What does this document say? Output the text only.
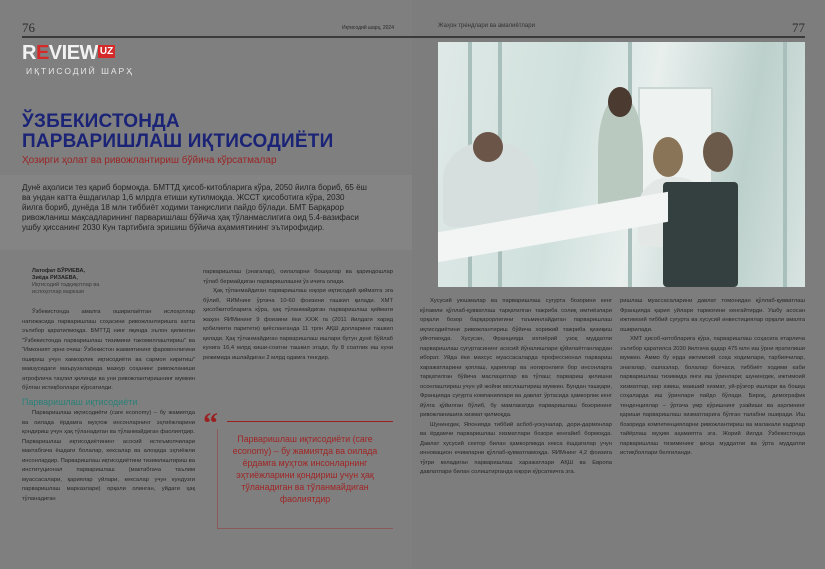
76	Иқтисодий шарҳ, 2024
REVIEW UZ
ИҚТИСОДИЙ ШАРҲ
ЎЗБЕКИСТОНДА
ПАРВАРИШЛАШ ИҚТИСОДИЁТИ
Ҳозирги ҳолат ва ривожлантириш бўйича кўрсатмалар

Дунё аҳолиси тез қариб бормоқда. БМТТД ҳисоб-китобларига кўра, 2050 йилга бориб, 65 ёш ва ундан катта ёшдагилар 1,6 млрдга етиши кутилмоқда. ЖССТ ҳисоботига кўра, 2030 йилга бориб, дунёда 18 млн тиббиёт ходими танқислиги пайдо бўлади. БМТ Барқарор ривожланиш мақсадларининг парваришлаш бўйича ҳақ тўланмаслигига оид 5.4-вазифаси ушбу ҳиссанинг 2030 Кун тартибига эришиш бўйича аҳамиятининг эътирофидир.

Латофат БЎРИЕВА,
Зиёда РИЗАЕВА,
Иқтисодий тадқиқотлар ва ислоҳотлар маркази

Ўзбекистонда амалга оширилаётган ислоҳотлар натижасида парваришлаш соҳасини ривожлантиришга катта эътибор қаратилмоқда. БМТТД нинг яқинда эълон қилинган "Ўзбекистонда парваришлаш тизимини такомиллаштириш" ва "Имконият эрни очиш: Ўзбекистон жамиятининг фаровонлигини ошириш учун хамкорлик иқтисодиёти ва сармоя киритиш" мавзусидаги маърузаларида мазкур соҳанинг ривожланиши атрофлича таҳлил қилинди ва уни ривожлантиришнинг мумкин бўлган истиқболлари кўрсатилди.

Парваришлаш иқтисодиёти

Парваришлаш иқтисодиёти (care economy) – бу жамиятда ва оилада ёрдамга муҳтож инсонларнинг эҳтиёжларини қондириш учун ҳақ тўланадиган ва тўланмайдиган фаолиятдир. Парваришлаш иқтисодиётининг асосий истеъмолчилари мактабгача ёшдаги болалар, кексалар ва алоҳида эҳтиёжли инсонлардир. Парваришлаш иқтисодиётини тизимлаштириш ва институционал парваришлаш (мактабгача таълим муассасалари, қариялар уйлари, кексалар учун кундузги парваришлаш марказлари) орқали олинган, уйдаги ҳақ тўланадиган

парваришлаш (энагалар), оилаларни бошқалар ва қариндошлар тўлаб бермайдиган парваришлашни ўз ичига олади.

Ҳақ тўланмайдиган парваришлаш юқори иқтисодий қийматга эга бўлиб, ЯИМнинг ўртача 10-60 фоизини ташкил қилади. ХМТ ҳисобкитобларига кўра, ҳақ тўланмайдиган парваришлаш қиймати жаҳон ЯИМининг 9 фоизини ёки ХХЖ га (2011 йилдаги харид қобилияти паритети) қиёсланганда 11 трлн АҚШ долларини ташкил қилади. Ҳақ тўланмайдиган парваришлаш ишлари бутун дунё бўйлаб кунига 16,4 млрд киши-соатни ташкил этади, бу 8 соатлик иш куни режимида ишлайдиган 2 млрд одамга тенгдир.

“	Парваришлаш иқтисодиёти (care economy) – бу жамиятда ва оилада ёрдамга муҳтож инсонларнинг эҳтиёжларини қондириш учун ҳақ тўланадиган ва тўланмайдиган фаолиятдир
Жаҳон трендлари ва амалиётлари	77

Хусусий уюшмалар ва парваришлаш суғурта бозорини кенг кўламли қўллаб-қувватлаш тарқатилган тажриба солиқ имтиёзлари орқали бозор барқарорлигини таъминлайдиган парваришлаш иқтисодиётини ривожлантириш бўйича хорижий тажриба қизиқиш уйғотмоқда. Хусусан, Францияда ихтиёрий узоқ муддатли парваришлаш суғуртасининг асосий йўналишлари қўйилаётганлардан иборат. Уйда ёки махсус муассасаларда профессионал парвариш харажатларини қоплаш, қариялар ва ногиронлиги бор инсонларга тарқатилган бўйича маслаҳатлар ва тўлаш; парвариш қилишни осонлаштириш учун уй жойни мослаштириш мумкин. Бундан ташқари, Францияда суғурта компаниялари ва давлат ўртасида ҳамкорлик кенг йўлга қўйилган бўлиб, бу мамлакатда парваришлаш бозорининг ривожланишига хизмат қилмоқда.

Шунингдек, Японияда тиббий асбоб-ускуналар, дори-дармонлар ва ёрдамчи парваришлаш хизматлари бозори кенгайиб бормоқда. Давлат хусусий сектор билан ҳамкорликда кекса ёшдагилар учун инновацион ечимларни қўллаб-қувватламоқда. ЯИМнинг 4,2 фоизига тўғри келадиган парваришлаш харажатлари АҚШ ва Европа давлатлари билан солиштирганда юқори кўрсаткичга эга.

ришлаш муассасаларини давлат томонидан қўллаб-қувватлаш Францияда қария уйлари тармоғини кенгайтирди. Ушбу асосан ижтимоий тиббий суғурта ва хусусий инвестициялар орқали амалга оширилади.

ХМТ ҳисоб-китобларига кўра, парваришлаш соҳасига етарлича эътибор қаратилса 2030 йилгача қадар 475 млн иш ўрни яратилиши мумкин. Аммо бу ерда ижтимоий соҳа ходимлари, тарбиячилар, энагалар, ошпазлар, болалар боғчаси, тиббиёт ходими каби парваришлаш тизимида янги иш ўринлари; шунингдек, ижтимоий хизматлар, кир ювиш, маиший хизмат, уй-рўзғор ишлари ва бошқа соҳаларда иш ўринлари пайдо бўлади. Бироқ, демографик тенденциялар – ўртача умр кўришнинг узайиши ва аҳолининг қариши парваришлаш хизматларига бўлган талабни оширади. Иш бозорида компетенцияларни ривожлантириш ва малакали кадрлар тайёрлаш муҳим аҳамиятга эга. Жорий йилда Ўзбекистонда парваришлаш тизимининг қисқа муддатли ва ўрта муддатли истиқболлари белгиланди.
